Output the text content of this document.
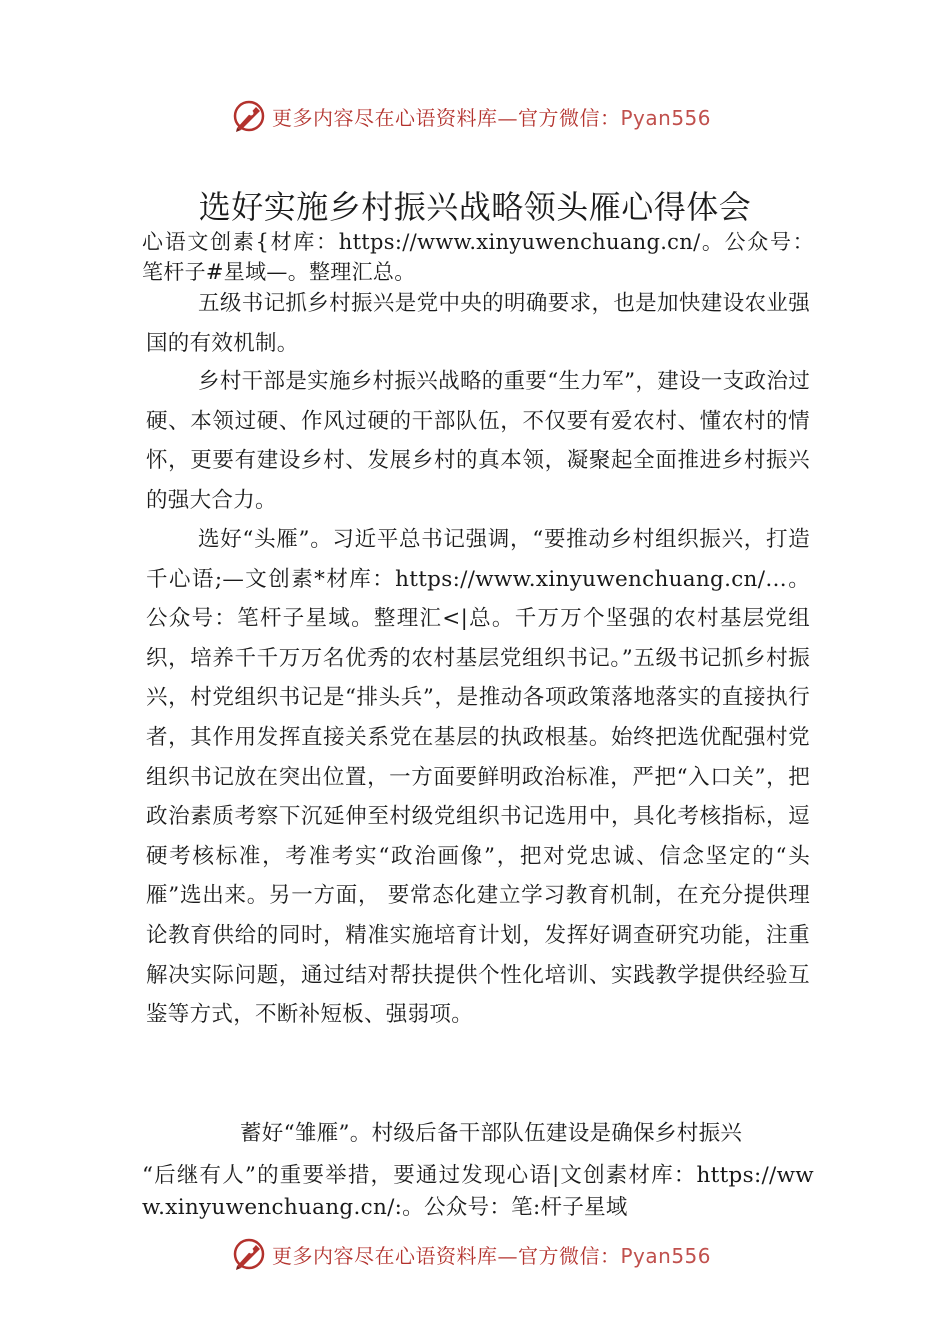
更多内容尽在心语资料库—官方微信：Pyan556
选好实施乡村振兴战略领头雁心得体会

心语文创素{材库：https://www.xinyuwenchuang.cn/。公众号：笔杆子#星域—。整理汇总。

五级书记抓乡村振兴是党中央的明确要求，也是加快建设农业强国的有效机制。

乡村干部是实施乡村振兴战略的重要“生力军”，建设一支政治过硬、本领过硬、作风过硬的干部队伍，不仅要有爱农村、懂农村的情怀，更要有建设乡村、发展乡村的真本领，凝聚起全面推进乡村振兴的强大合力。

选好“头雁”。习近平总书记强调，“要推动乡村组织振兴，打造千心语;—文创素*材库：https://www.xinyuwenchuang.cn/…。公众号：笔杆子星域。整理汇<|总。千万万个坚强的农村基层党组织，培养千千万万名优秀的农村基层党组织书记。”五级书记抓乡村振兴，村党组织书记是“排头兵”，是推动各项政策落地落实的直接执行者，其作用发挥直接关系党在基层的执政根基。始终把选优配强村党组织书记放在突出位置，一方面要鲜明政治标准，严把“入口关”，把政治素质考察下沉延伸至村级党组织书记选用中，具化考核指标，逗硬考核标准，考准考实“政治画像”，把对党忠诚、信念坚定的“头雁”选出来。另一方面， 要常态化建立学习教育机制，在充分提供理论教育供给的同时，精准实施培育计划，发挥好调查研究功能，注重解决实际问题，通过结对帮扶提供个性化培训、实践教学提供经验互鉴等方式，不断补短板、强弱项。

蓄好“雏雁”。村级后备干部队伍建设是确保乡村振兴

“后继有人”的重要举措，要通过发现心语|文创素材库：https://www.xinyuwenchuang.cn/:。公众号：笔:杆子星域

更多内容尽在心语资料库—官方微信：Pyan556
